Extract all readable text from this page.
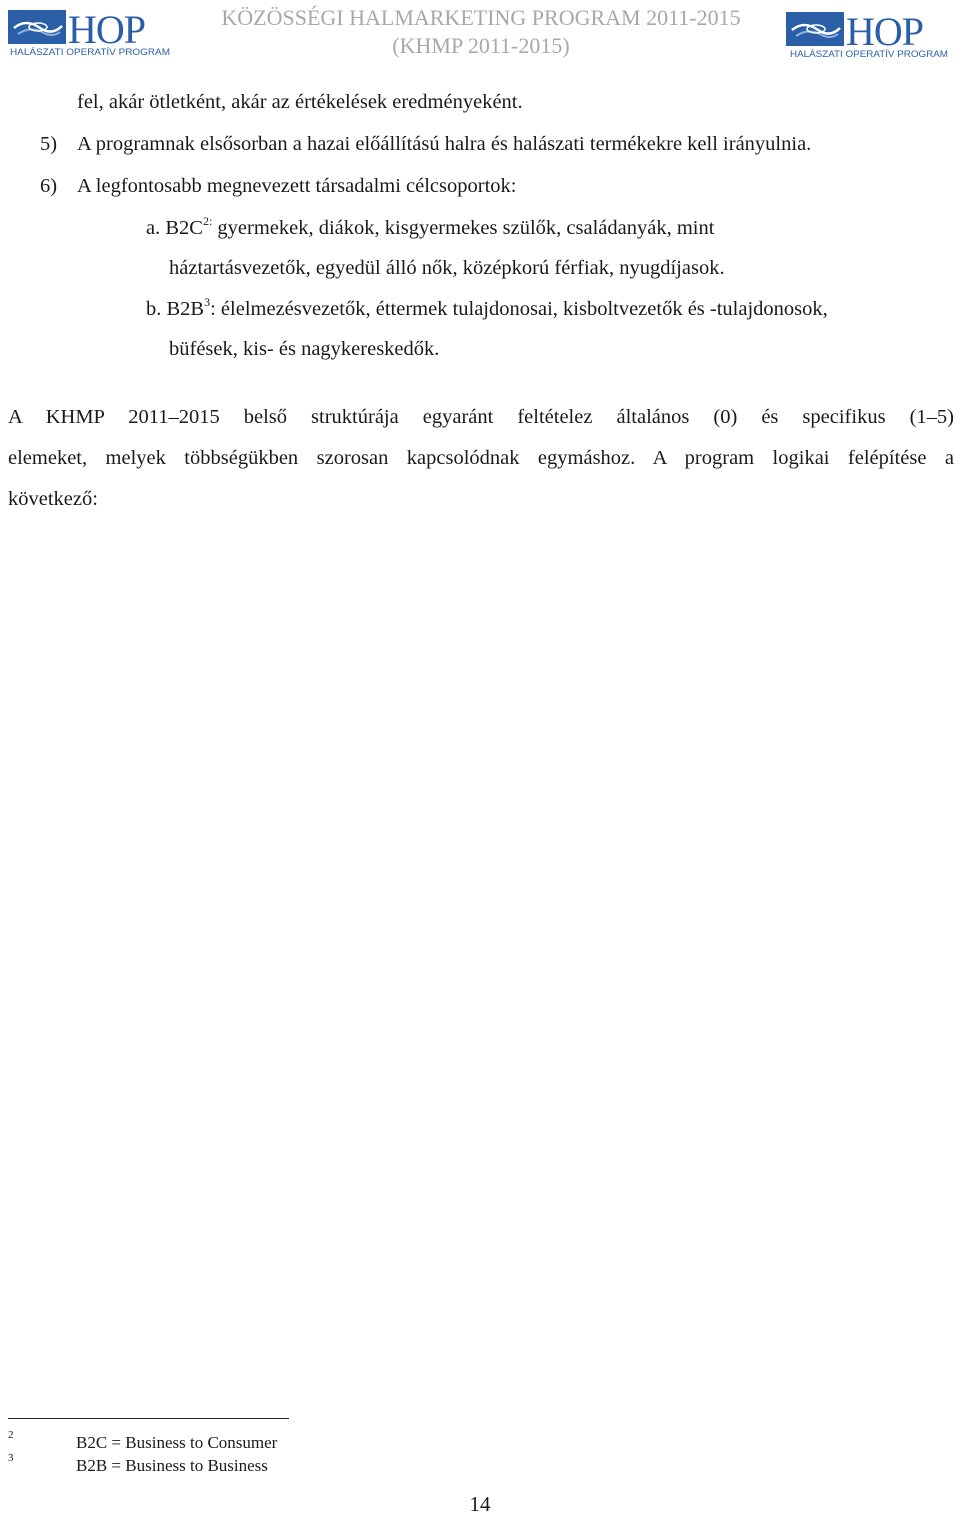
HOP
HALÁSZATI OPERATÍV PROGRAM
KÖZÖSSÉGI HALMARKETING PROGRAM 2011-2015
(KHMP 2011-2015)	HOP
HALÁSZATI OPERATÍV PROGRAM
fel, akár ötletként, akár az értékelések eredményeként.
5) A programnak elsősorban a hazai előállítású halra és halászati termékekre kell irányulnia.
6) A legfontosabb megnevezett társadalmi célcsoportok:
a. $B2C^{2:}$ gyermekek, diákok, kisgyermekes szülők, családanyák, mint
háztartásvezetők, egyedül álló nők, középkorú férfiak, nyugdíjasok.
b. $B2B^3$: élelmezésvezetők, éttermek tulajdonosai, kisboltvezetők és -tulajdonosok,
büfések, kis- és nagykereskedők.
A KHMP 2011–2015 belső struktúrája egyaránt feltételez általános (0) és specifikus (1–5)
elemeket, melyek többségükben szorosan kapcsolódnak egymáshoz. A program logikai felépítése a
következő:
2	B2C = Business to Consumer
3	B2B = Business to Business
14
